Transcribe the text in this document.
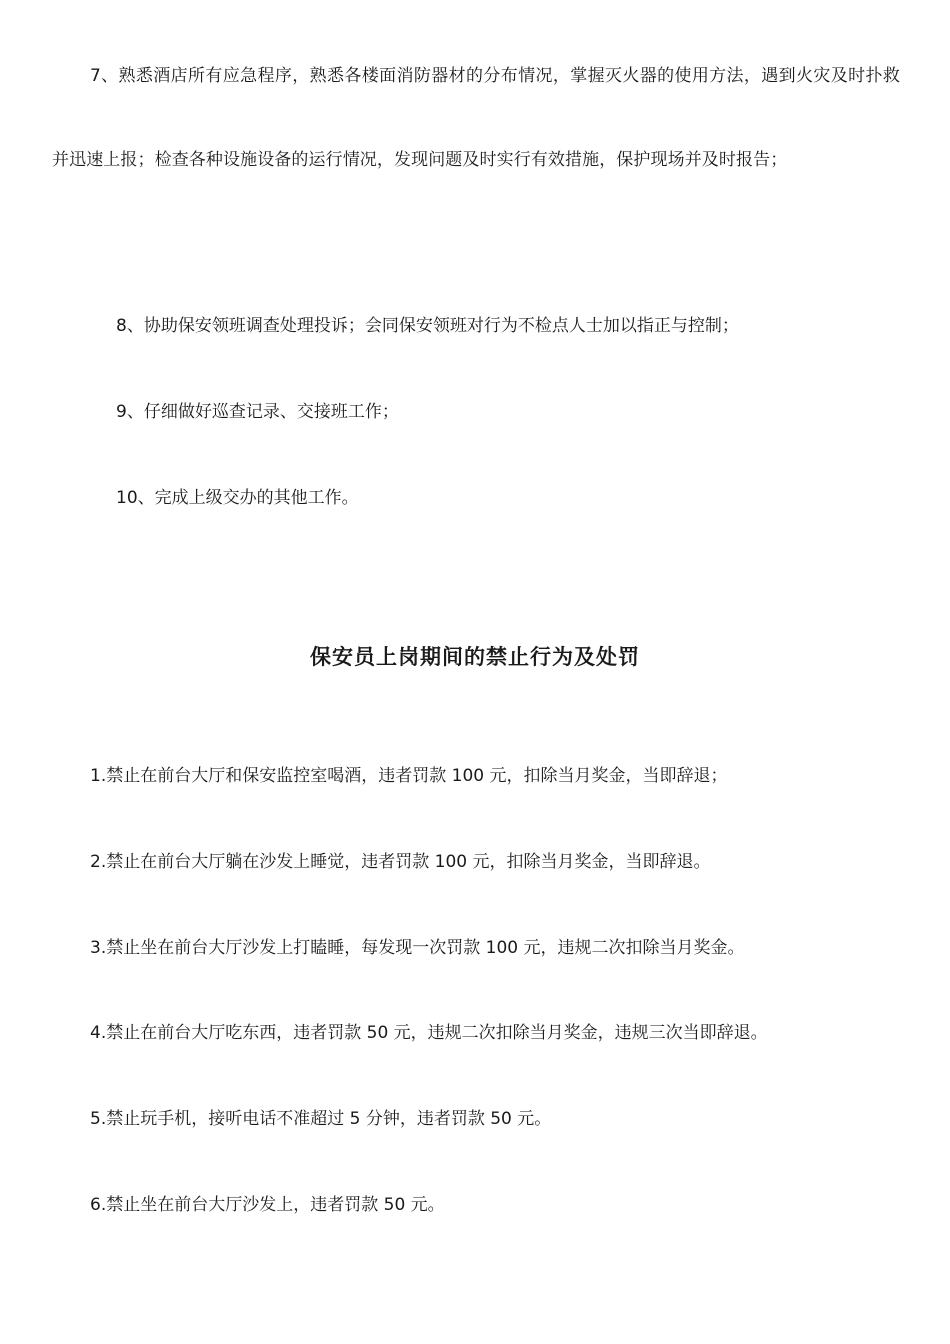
7、熟悉酒店所有应急程序，熟悉各楼面消防器材的分布情况，掌握灭火器的使用方法，遇到火灾及时扑救并迅速上报；检查各种设施设备的运行情况，发现问题及时实行有效措施，保护现场并及时报告；

8、协助保安领班调查处理投诉；会同保安领班对行为不检点人士加以指正与控制；

9、仔细做好巡查记录、交接班工作；

10、完成上级交办的其他工作。

保安员上岗期间的禁止行为及处罚

1.禁止在前台大厅和保安监控室喝酒，违者罚款 100 元，扣除当月奖金，当即辞退；

2.禁止在前台大厅躺在沙发上睡觉，违者罚款 100 元，扣除当月奖金，当即辞退。

3.禁止坐在前台大厅沙发上打瞌睡，每发现一次罚款 100 元，违规二次扣除当月奖金。

4.禁止在前台大厅吃东西，违者罚款 50 元，违规二次扣除当月奖金，违规三次当即辞退。

5.禁止玩手机，接听电话不准超过 5 分钟，违者罚款 50 元。

6.禁止坐在前台大厅沙发上，违者罚款 50 元。
